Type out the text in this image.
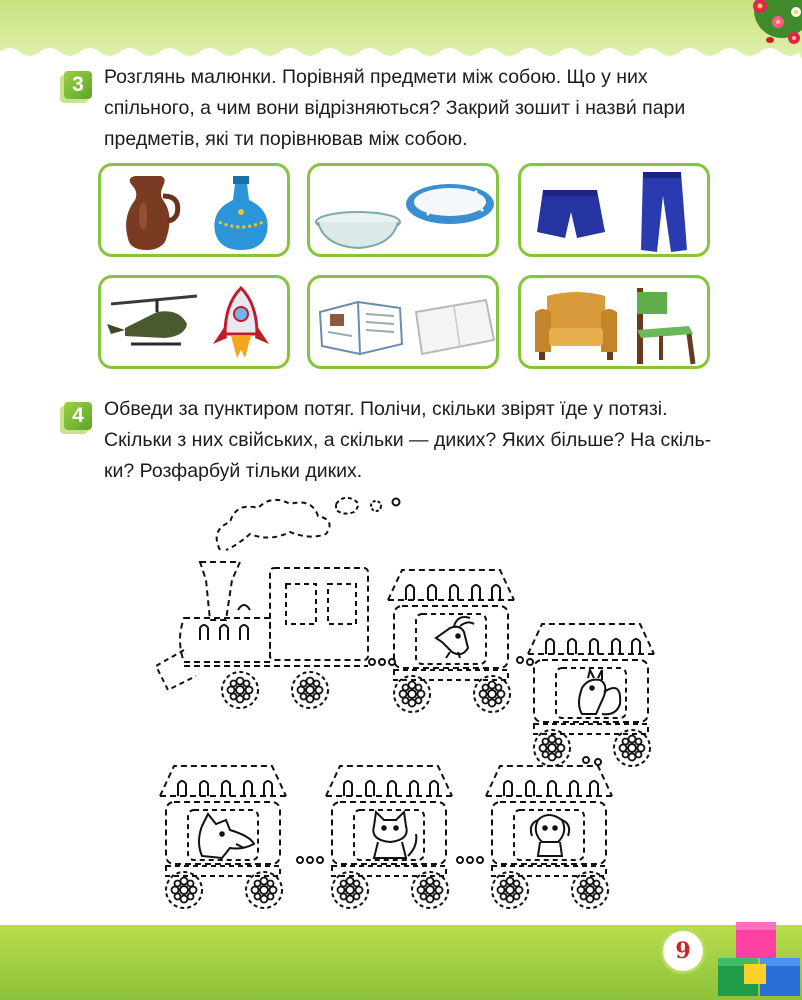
3	Розглянь малюнки. Порівняй предмети між собою. Що у них
спільного, а чим вони відрізняються? Закрий зошит і назви́ пари
предметів, які ти порівнював між собою.
4	Обведи за пунктиром потяг. Полічи, скільки звірят їде у потязі.
Скільки з них свійських, а скільки — диких? Яких більше? На скіль-
ки? Розфарбуй тільки диких.
9
